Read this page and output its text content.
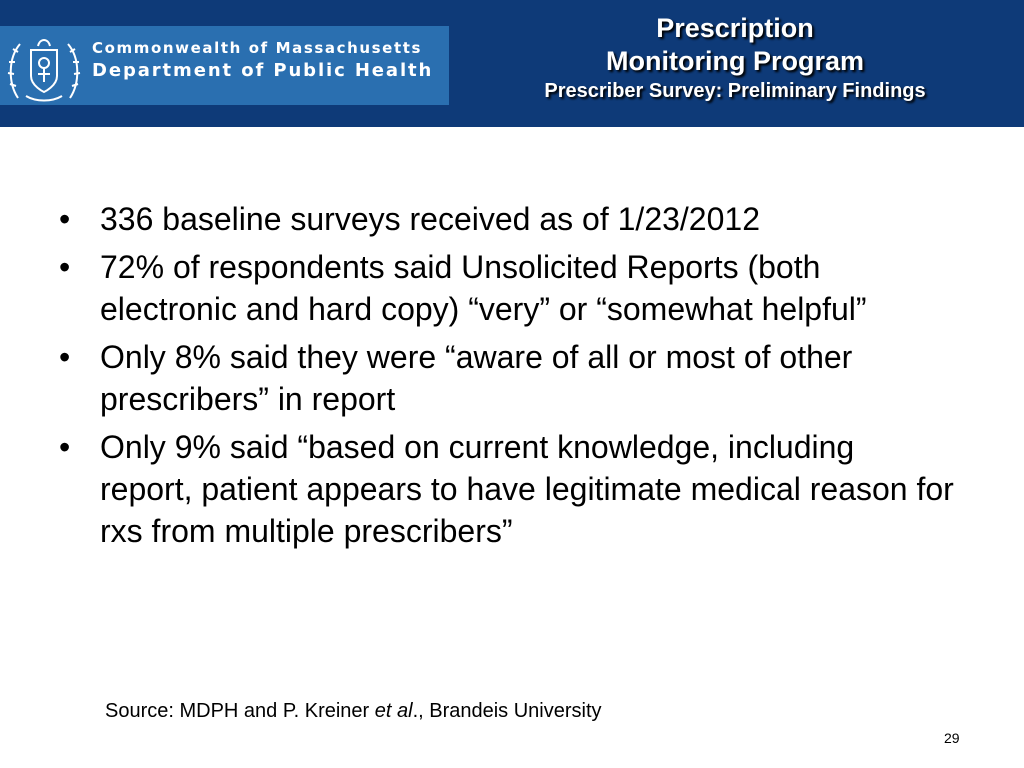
Commonwealth of Massachusetts
Department of Public Health
Prescription Monitoring Program
Prescriber Survey: Preliminary Findings
• 336 baseline surveys received as of 1/23/2012
• 72% of respondents said Unsolicited Reports (both electronic and hard copy) “very” or “somewhat helpful”
• Only 8% said they were “aware of all or most of other prescribers” in report
• Only 9% said “based on current knowledge, including report, patient appears to have legitimate medical reason for rxs from multiple prescribers”
Source: MDPH and P. Kreiner et al., Brandeis University
29
